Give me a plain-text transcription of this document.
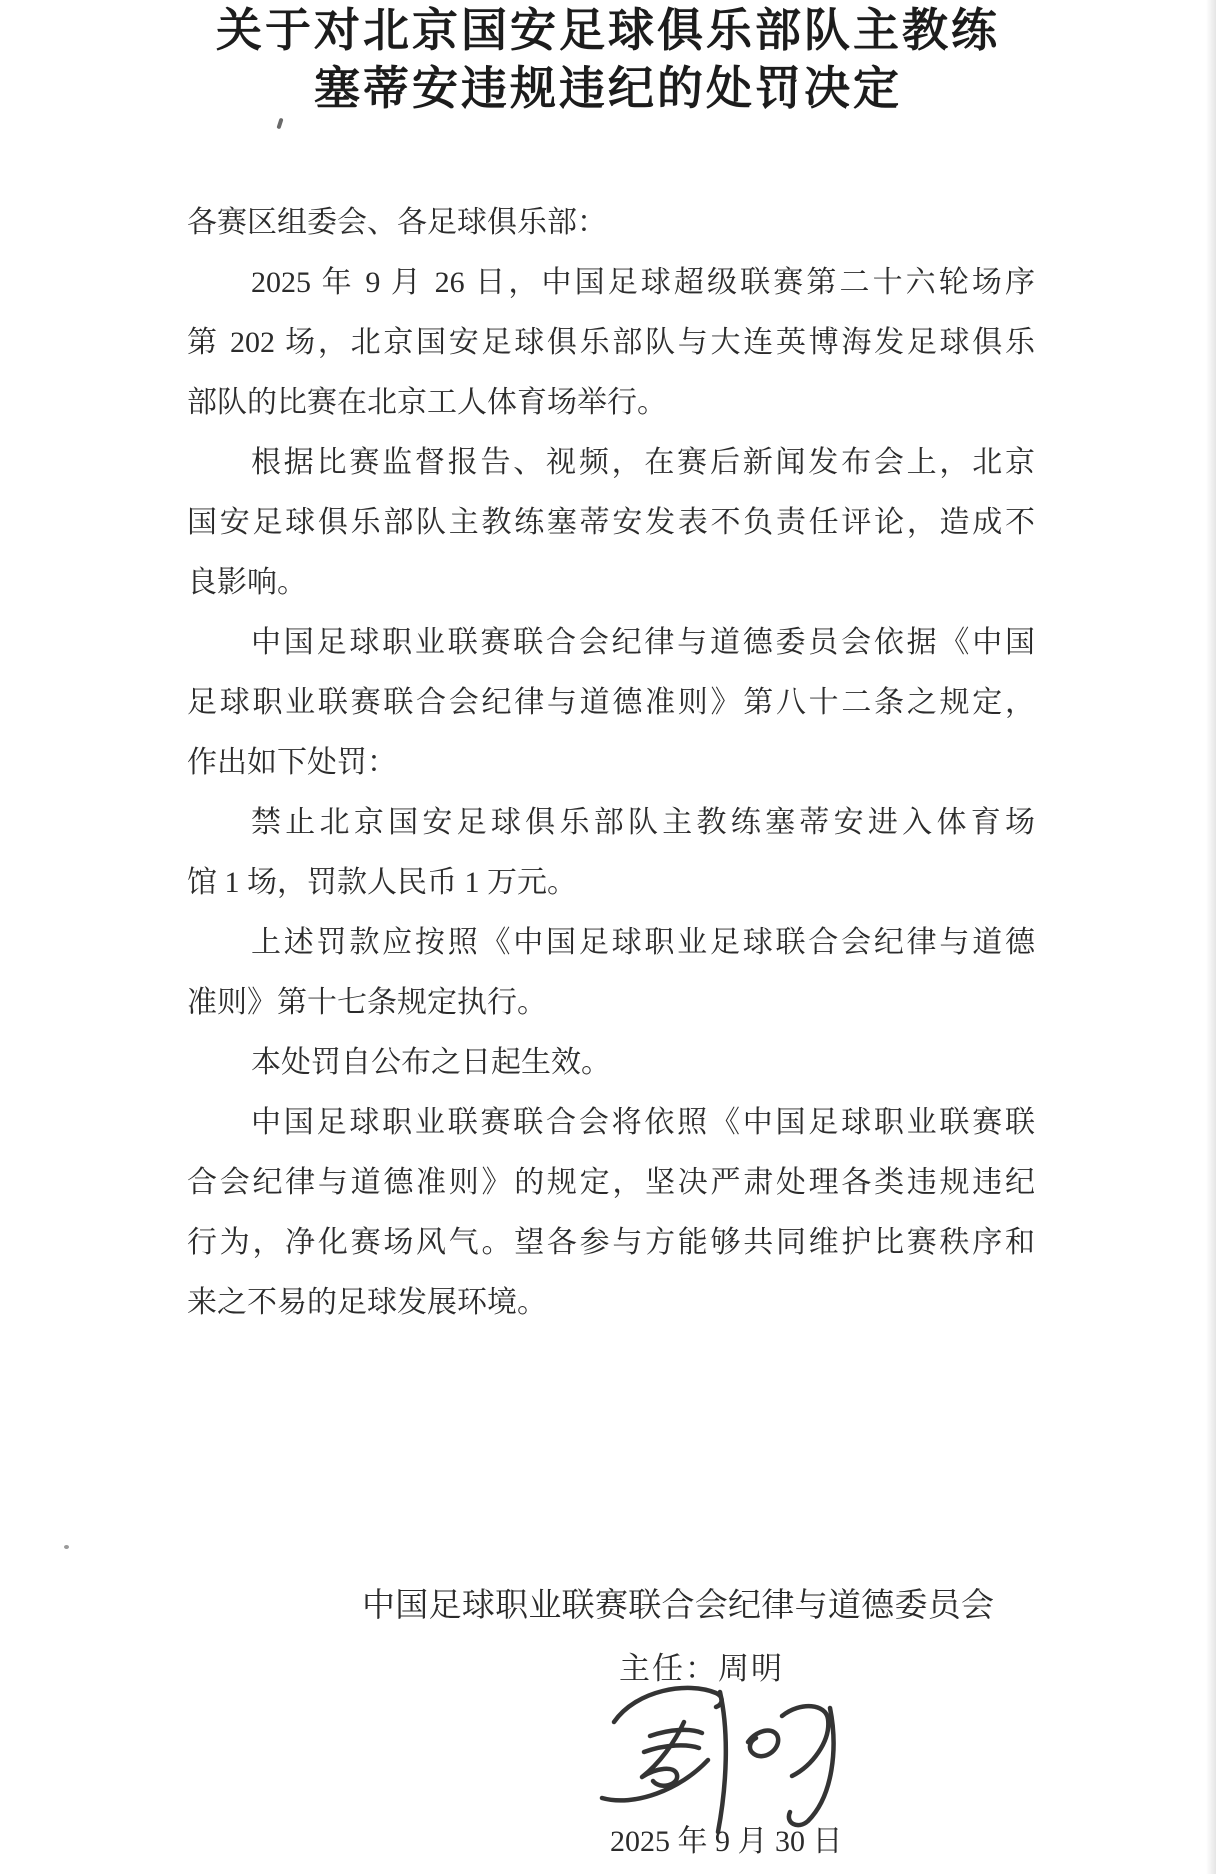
关于对北京国安足球俱乐部队主教练
塞蒂安违规违纪的处罚决定
各赛区组委会、各足球俱乐部：
2025 年 9 月 26 日，中国足球超级联赛第二十六轮场序
第 202 场，北京国安足球俱乐部队与大连英博海发足球俱乐
部队的比赛在北京工人体育场举行。
根据比赛监督报告、视频，在赛后新闻发布会上，北京
国安足球俱乐部队主教练塞蒂安发表不负责任评论，造成不
良影响。
中国足球职业联赛联合会纪律与道德委员会依据《中国
足球职业联赛联合会纪律与道德准则》第八十二条之规定，
作出如下处罚：
禁止北京国安足球俱乐部队主教练塞蒂安进入体育场
馆 1 场，罚款人民币 1 万元。
上述罚款应按照《中国足球职业足球联合会纪律与道德
准则》第十七条规定执行。
本处罚自公布之日起生效。
中国足球职业联赛联合会将依照《中国足球职业联赛联
合会纪律与道德准则》的规定，坚决严肃处理各类违规违纪
行为，净化赛场风气。望各参与方能够共同维护比赛秩序和
来之不易的足球发展环境。
中国足球职业联赛联合会纪律与道德委员会
主任：周明
2025 年 9 月 30 日
